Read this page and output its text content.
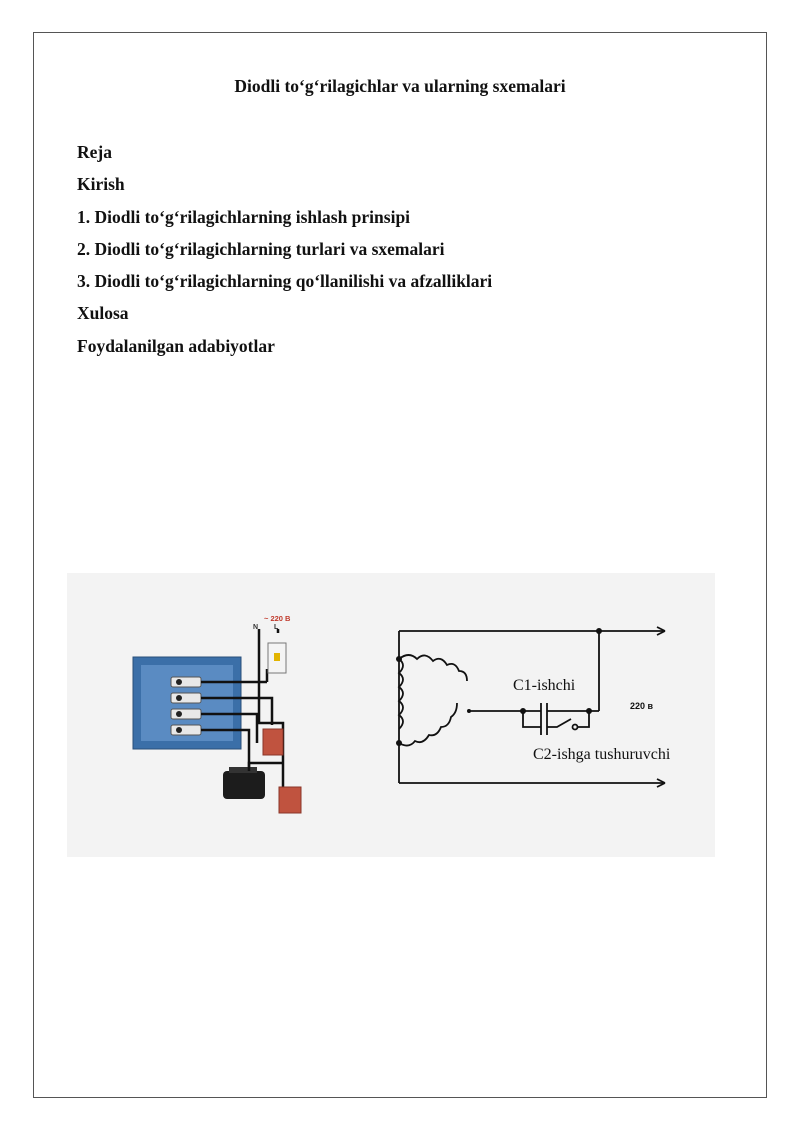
Diodli to‘g‘rilagichlar va ularning sxemalari
Reja
Kirish
1. Diodli to‘g‘rilagichlarning ishlash prinsipi
2. Diodli to‘g‘rilagichlarning turlari va sxemalari
3. Diodli to‘g‘rilagichlarning qo‘llanilishi va afzalliklari
Xulosa
Foydalanilgan adabiyotlar
~ 220 В
N L
C1-ishchi
C2-ishga tushuruvchi
220 в
